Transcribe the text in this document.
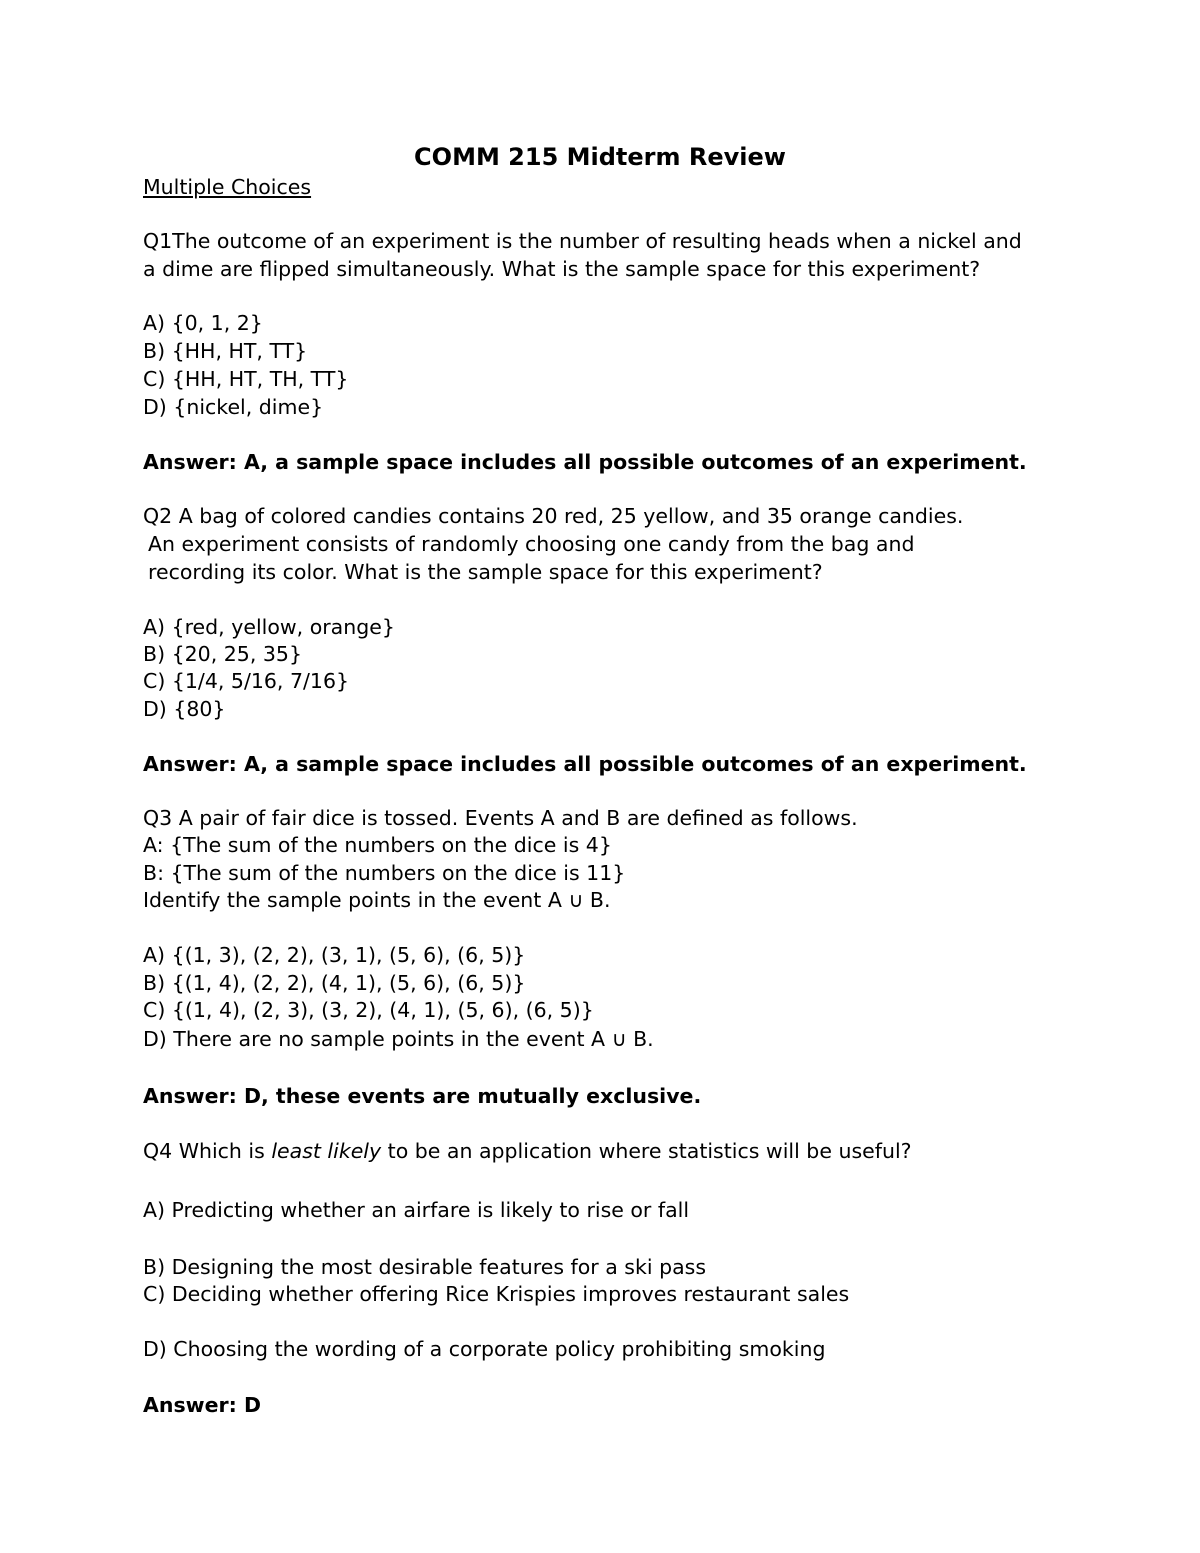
COMM 215 Midterm Review
Multiple Choices
Q1The outcome of an experiment is the number of resulting heads when a nickel and
a dime are flipped simultaneously. What is the sample space for this experiment?
A) {0, 1, 2}
B) {HH, HT, TT}
C) {HH, HT, TH, TT}
D) {nickel, dime}
Answer: A, a sample space includes all possible outcomes of an experiment.
Q2 A bag of colored candies contains 20 red, 25 yellow, and 35 orange candies.
An experiment consists of randomly choosing one candy from the bag and
recording its color. What is the sample space for this experiment?
A) {red, yellow, orange}
B) {20, 25, 35}
C) {1/4, 5/16, 7/16}
D) {80}
Answer: A, a sample space includes all possible outcomes of an experiment.
Q3 A pair of fair dice is tossed. Events A and B are defined as follows.
A: {The sum of the numbers on the dice is 4}
B: {The sum of the numbers on the dice is 11}
Identify the sample points in the event A ∪ B.
A) {(1, 3), (2, 2), (3, 1), (5, 6), (6, 5)}
B) {(1, 4), (2, 2), (4, 1), (5, 6), (6, 5)}
C) {(1, 4), (2, 3), (3, 2), (4, 1), (5, 6), (6, 5)}
D) There are no sample points in the event A ∪ B.
Answer: D, these events are mutually exclusive.
Q4 Which is least likely to be an application where statistics will be useful?
A) Predicting whether an airfare is likely to rise or fall
B) Designing the most desirable features for a ski pass
C) Deciding whether offering Rice Krispies improves restaurant sales
D) Choosing the wording of a corporate policy prohibiting smoking
Answer: D
